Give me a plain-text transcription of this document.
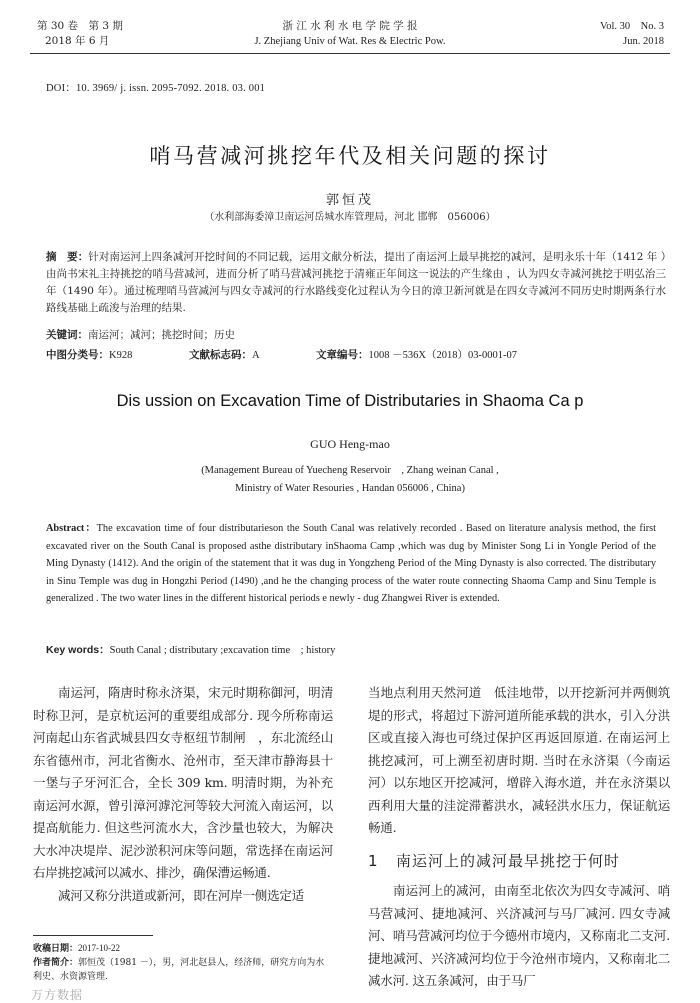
第 30 卷　第 3 期
2018 年 6 月
浙 江 水 利 水 电 学 院 学 报
J. Zhejiang Univ of Wat. Res & Electric Pow.
Vol. 30　No. 3
Jun. 2018
DOI：10. 3969/ j. issn. 2095-7092. 2018. 03. 001
哨马营减河挑挖年代及相关问题的探讨
郭恒茂
（水利部海委漳卫南运河岳城水库管理局，河北 邯郸　056006）
摘　要：针对南运河上四条减河开挖时间的不同记载，运用文献分析法，提出了南运河上最早挑挖的减河，是明永乐十年（1412 年 ）由尚书宋礼主持挑挖的哨马营减河，进而分析了哨马营减河挑挖于清雍正年间这一说法的产生缘由 ，认为四女寺减河挑挖于明弘治三年（1490 年）。通过梳理哨马营减河与四女寺减河的行水路线变化过程认为今日的漳卫新河就是在四女寺减河不同历史时期两条行水路线基础上疏浚与治理的结果.
关键词：南运河；减河；挑挖时间；历史
中图分类号：K928	文献标志码：A	文章编号：1008 －536X（2018）03-0001-07
Dis ussion on Excavation Time of Distributaries in Shaoma Ca p
GUO Heng-mao
(Management Bureau of Yuecheng Reservoir　, Zhang weinan Canal ,
Ministry of Water Resouries , Handan 056006 , China)
Abstract：The excavation time of four distributarieson the South Canal was relatively recorded . Based on literature analysis method, the first excavated river on the South Canal is proposed asthe distributary inShaoma Camp ,which was dug by Minister Song Li in Yongle Period of the Ming Dynasty (1412). And the origin of the statement that it was dug in Yongzheng Period of the Ming Dynasty is also corrected. The distributary in Sinu Temple was dug in Hongzhi Period (1490) ,and he the changing process of the water route connecting Shaoma Camp and Sinu Temple is generalized . The two water lines in the different historical periods e newly - dug Zhangwei River is extended.
Key words：South Canal ; distributary ;excavation time　; history

南运河，隋唐时称永济渠，宋元时期称御河，明清时称卫河，是京杭运河的重要组成部分. 现今所称南运河南起山东省武城县四女寺枢纽节制闸　，东北流经山东省德州市，河北省衡水、沧州市，至天津市静海县十一堡与子牙河汇合，全长 309 km. 明清时期，为补充南运河水源，曾引漳河滹沱河等较大河流入南运河，以提高航能力. 但这些河流水大，含沙量也较大，为解决大水冲决堤岸、泥沙淤积河床等问题，常选择在南运河右岸挑挖减河以减水、排沙，确保漕运畅通.

减河又称分洪道或新河，即在河岸一侧选定适

当地点利用天然河道　低洼地带，以开挖新河并两侧筑堤的形式，将超过下游河道所能承载的洪水，引入分洪区或直接入海也可绕过保护区再返回原道. 在南运河上挑挖减河，可上溯至初唐时期. 当时在永济渠（今南运河）以东地区开挖减河，增辟入海水道，并在永济渠以西利用大量的洼淀滞蓄洪水，减轻洪水压力，保证航运畅通.

1 南运河上的减河最早挑挖于何时

南运河上的减河，由南至北依次为四女寺减河、哨马营减河、捷地减河、兴济减河与马厂减河. 四女寺减河、哨马营减河均位于今德州市境内，又称南北二支河. 捷地减河、兴济减河均位于今沧州市境内，又称南北二减水河. 这五条减河，由于马厂

收稿日期：2017-10-22
作者简介：郭恒茂（1981 －），男，河北赵县人，经济师，研究方向为水利史、水资源管理.
万方数据
